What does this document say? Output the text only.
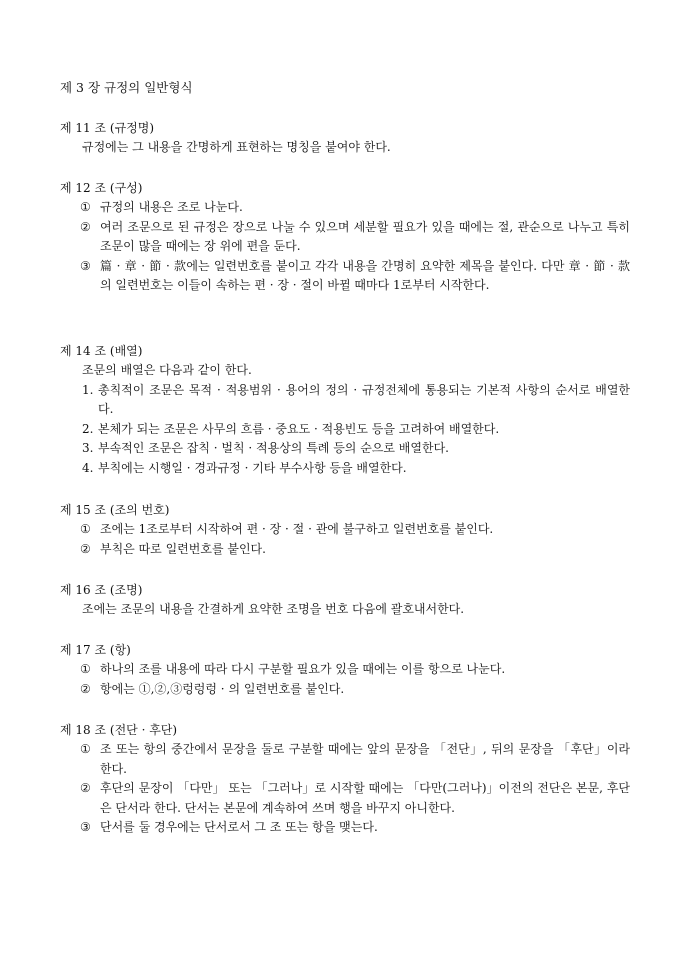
제 3 장 규정의 일반형식
제 11 조 (규정명)
규정에는 그 내용을 간명하게 표현하는 명칭을 붙여야 한다.
제 12 조 (구성)
① 규정의 내용은 조로 나눈다.
② 여러 조문으로 된 규정은 장으로 나눌 수 있으며 세분할 필요가 있을 때에는 절, 관순으로 나누고 특히 조문이 많을 때에는 장 위에 편을 둔다.
③ 篇 · 章 · 節 · 款에는 일련번호를 붙이고 각각 내용을 간명히 요약한 제목을 붙인다. 다만 章 · 節 · 款의 일련번호는 이들이 속하는 편 · 장 · 절이 바뀔 때마다 1로부터 시작한다.
제 14 조 (배열)
조문의 배열은 다음과 같이 한다.
1. 총칙적이 조문은 목적 · 적용범위 · 용어의 정의 · 규정전체에 통용되는 기본적 사항의 순서로 배열한다.
2. 본체가 되는 조문은 사무의 흐름 · 중요도 · 적용빈도 등을 고려하여 배열한다.
3. 부속적인 조문은 잡칙 · 벌칙 · 적용상의 특례 등의 순으로 배열한다.
4. 부칙에는 시행일 · 경과규정 · 기타 부수사항 등을 배열한다.
제 15 조 (조의 번호)
① 조에는 1조로부터 시작하여 편 · 장 · 절 · 관에 불구하고 일련번호를 붙인다.
② 부칙은 따로 일련번호를 붙인다.
제 16 조 (조명)
조에는 조문의 내용을 간결하게 요약한 조명을 번호 다음에 괄호내서한다.
제 17 조 (항)
① 하나의 조를 내용에 따라 다시 구분할 필요가 있을 때에는 이를 항으로 나눈다.
② 항에는 ①,②,③렁렁렁 · 의 일련번호를 붙인다.
제 18 조 (전단 · 후단)
① 조 또는 항의 중간에서 문장을 둘로 구분할 때에는 앞의 문장을 「전단」, 뒤의 문장을 「후단」이라 한다.
② 후단의 문장이 「다만」 또는 「그러나」로 시작할 때에는 「다만(그러나)」이전의 전단은 본문, 후단은 단서라 한다. 단서는 본문에 계속하여 쓰며 행을 바꾸지 아니한다.
③ 단서를 둘 경우에는 단서로서 그 조 또는 항을 맺는다.
